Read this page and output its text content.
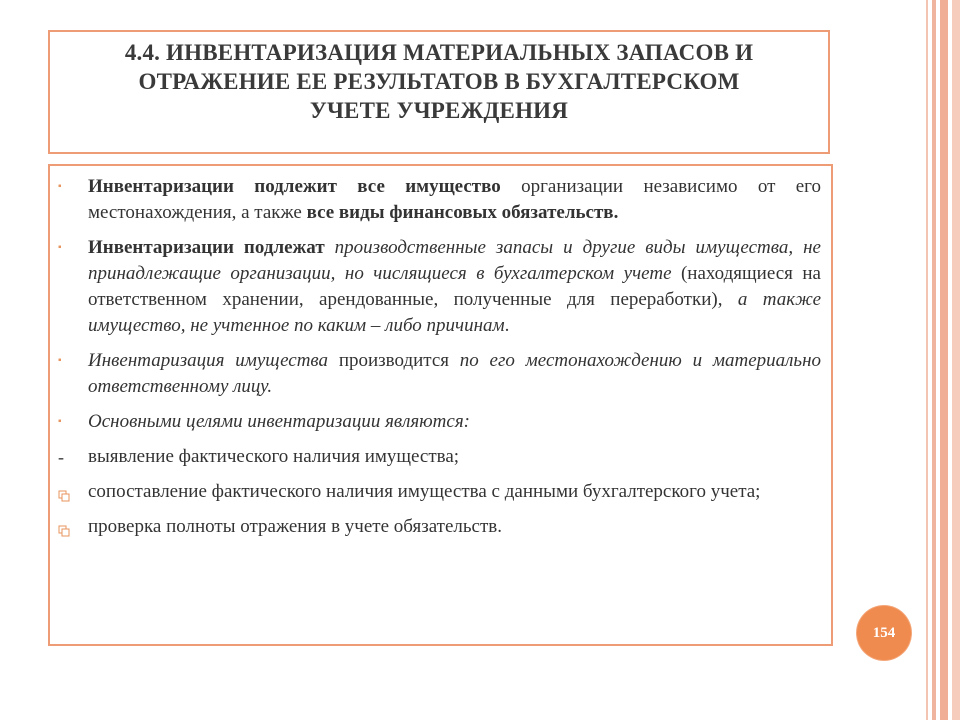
4.4. ИНВЕНТАРИЗАЦИЯ МАТЕРИАЛЬНЫХ ЗАПАСОВ И
ОТРАЖЕНИЕ ЕЕ РЕЗУЛЬТАТОВ В БУХГАЛТЕРСКОМ
УЧЕТЕ УЧРЕЖДЕНИЯ
▪	Инвентаризации подлежит все имущество организации независимо от его местонахождения, а также все виды финансовых обязательств.
▪	Инвентаризации подлежат производственные запасы и другие виды имущества, не принадлежащие организации, но числящиеся в бухгалтерском учете (находящиеся на ответственном хранении, арендованные, полученные для переработки), а также имущество, не учтенное по каким – либо причинам.
▪	Инвентаризация имущества производится по его местонахождению и материально ответственному лицу.
▪	Основными целями инвентаризации являются:
-	выявление фактического наличия имущества;
сопоставление фактического наличия имущества с данными бухгалтерского учета;
проверка полноты отражения в учете обязательств.
154
